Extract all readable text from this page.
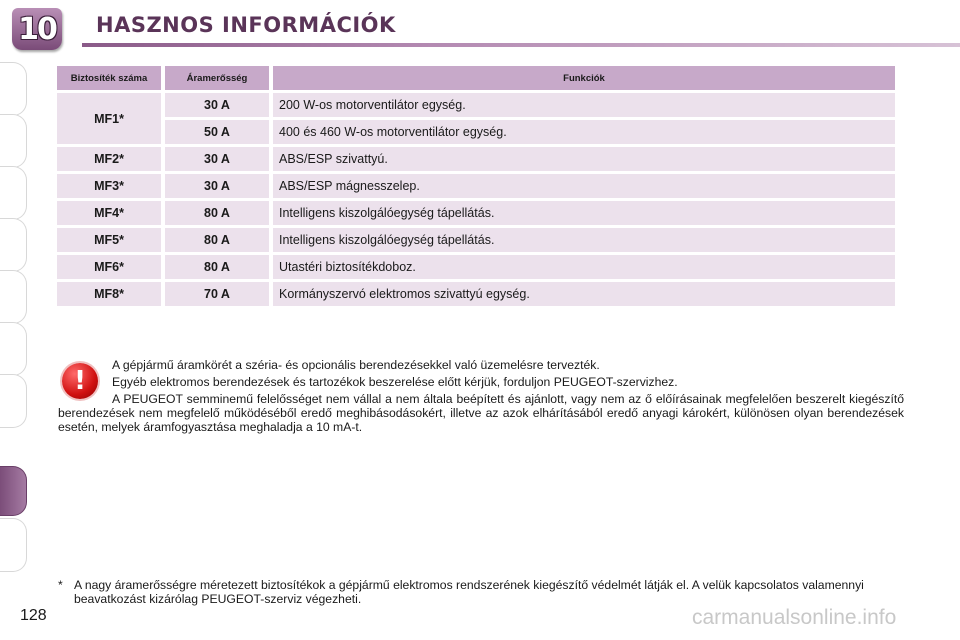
10 HASZNOS INFORMÁCIÓK
Biztosíték száma	Áramerősség	Funkciók
MF1*	30 A	200 W-os motorventilátor egység.
	50 A	400 és 460 W-os motorventilátor egység.
MF2*	30 A	ABS/ESP szivattyú.
MF3*	30 A	ABS/ESP mágnesszelep.
MF4*	80 A	Intelligens kiszolgálóegység tápellátás.
MF5*	80 A	Intelligens kiszolgálóegység tápellátás.
MF6*	80 A	Utastéri biztosítékdoboz.
MF8*	70 A	Kormányszervó elektromos szivattyú egység.
!

A gépjármű áramkörét a széria- és opcionális berendezésekkel való üzemelésre tervezték.

Egyéb elektromos berendezések és tartozékok beszerelése előtt kérjük, forduljon PEUGEOT-szervizhez.

A PEUGEOT semminemű felelősséget nem vállal a nem általa beépített és ajánlott, vagy nem az ő előírásainak megfelelően beszerelt kiegészítő berendezések nem megfelelő működéséből eredő meghibásodásokért, illetve az azok elhárításából eredő anyagi károkért, különösen olyan berendezések esetén, melyek áramfogyasztása meghaladja a 10 mA-t.

* A nagy áramerősségre méretezett biztosítékok a gépjármű elektromos rendszerének kiegészítő védelmét látják el. A velük kapcsolatos valamennyi beavatkozást kizárólag PEUGEOT-szerviz végezheti.
128	carmanualsonline.info
